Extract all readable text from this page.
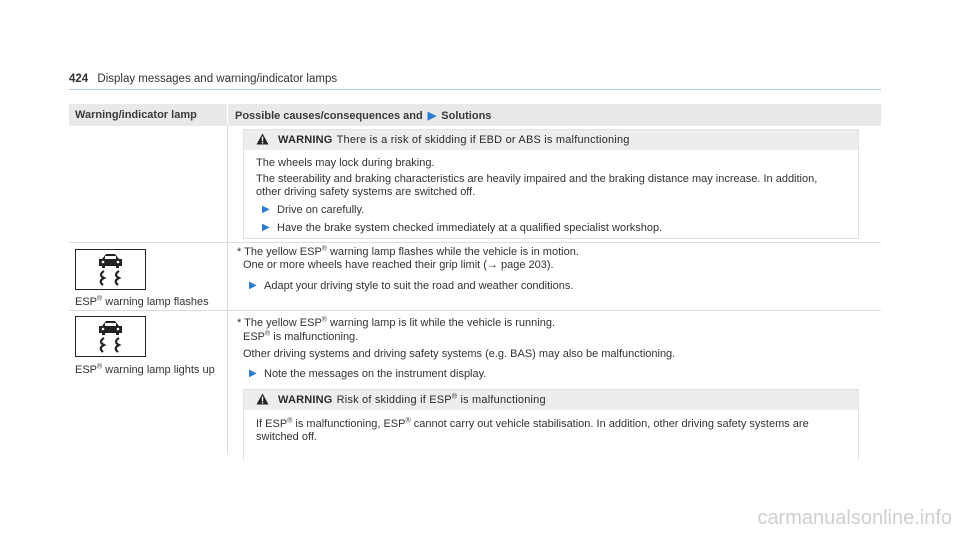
424 Display messages and warning/indicator lamps
Warning/indicator lamp	Possible causes/consequences and ▶ Solutions
WARNING There is a risk of skidding if EBD or ABS is malfunctioning
The wheels may lock during braking.
The steerability and braking characteristics are heavily impaired and the braking distance may increase. In addition,
other driving safety systems are switched off.
▶ Drive on carefully.
▶ Have the brake system checked immediately at a qualified specialist workshop.
ESP® warning lamp flashes
* The yellow ESP® warning lamp flashes while the vehicle is in motion.
One or more wheels have reached their grip limit (→ page 203).
▶ Adapt your driving style to suit the road and weather conditions.
ESP® warning lamp lights up
* The yellow ESP® warning lamp is lit while the vehicle is running.
ESP® is malfunctioning.
Other driving systems and driving safety systems (e.g. BAS) may also be malfunctioning.
▶ Note the messages on the instrument display.
WARNING Risk of skidding if ESP® is malfunctioning
If ESP® is malfunctioning, ESP® cannot carry out vehicle stabilisation. In addition, other driving safety systems are
switched off.
carmanualsonline.info
